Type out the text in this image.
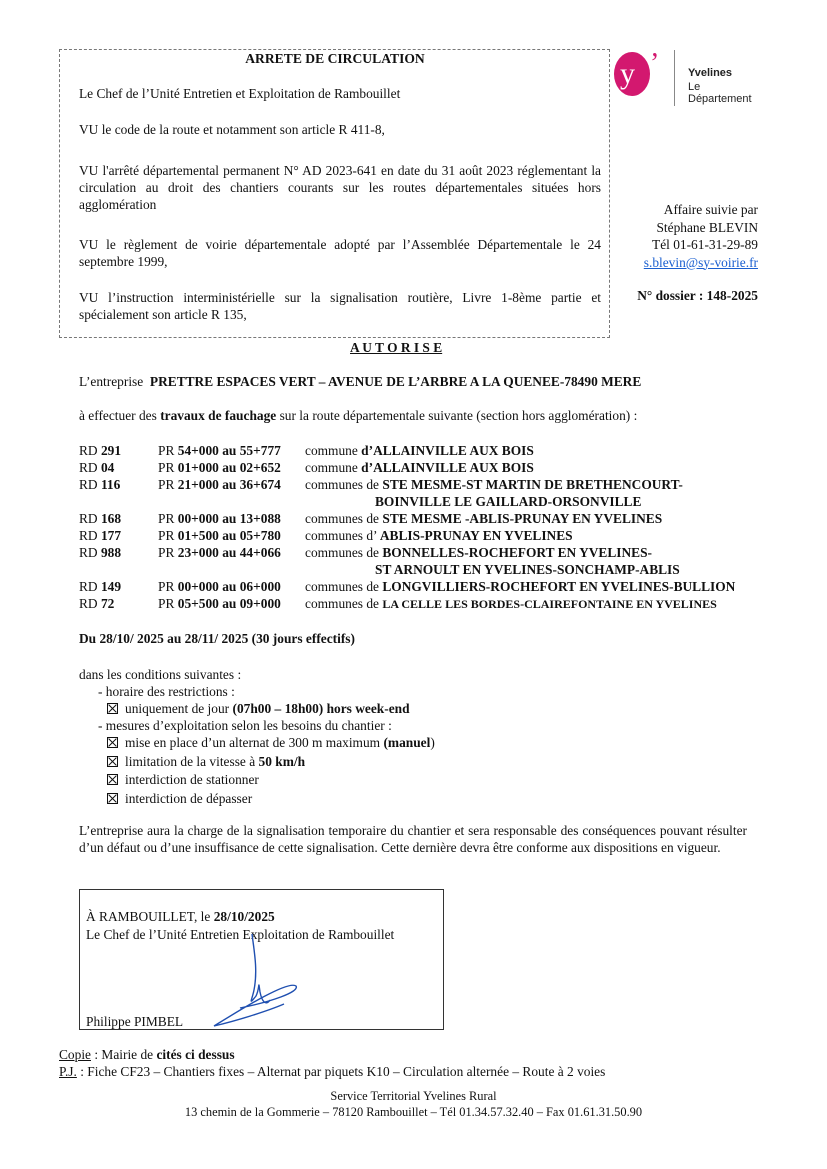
ARRETE DE CIRCULATION
Le Chef de l’Unité Entretien et Exploitation de Rambouillet
VU le code de la route et notamment son article R 411-8,
VU l'arrêté départemental permanent N° AD 2023-641 en date du 31 août 2023 réglementant la circulation au droit des chantiers courants sur les routes départementales situées hors agglomération
VU le règlement de voirie départementale adopté par l’Assemblée Départementale le 24 septembre 1999,
VU l’instruction interministérielle sur la signalisation routière, Livre 1-8ème partie et spécialement son article R 135,
y ’	Yvelines
Le Département
Affaire suivie par
Stéphane BLEVIN
Tél 01-61-31-29-89
s.blevin@sy-voirie.fr
N° dossier : 148-2025
A U T O R I S E
L’entreprise PRETTRE ESPACES VERT – AVENUE DE L’ARBRE A LA QUENEE-78490 MERE
à effectuer des travaux de fauchage sur la route départementale suivante (section hors agglomération) :
RD 291	PR 54+000 au 55+777 commune d’ALLAINVILLE AUX BOIS
RD 04	PR 01+000 au 02+652 commune d’ALLAINVILLE AUX BOIS
RD 116	PR 21+000 au 36+674 communes de STE MESME-ST MARTIN DE BRETHENCOURT-
BOINVILLE LE GAILLARD-ORSONVILLE
RD 168	PR 00+000 au 13+088 communes de STE MESME -ABLIS-PRUNAY EN YVELINES
RD 177	PR 01+500 au 05+780 communes d’ ABLIS-PRUNAY EN YVELINES
RD 988	PR 23+000 au 44+066 communes de BONNELLES-ROCHEFORT EN YVELINES-
ST ARNOULT EN YVELINES-SONCHAMP-ABLIS
RD 149	PR 00+000 au 06+000 communes de LONGVILLIERS-ROCHEFORT EN YVELINES-BULLION
RD 72	PR 05+500 au 09+000 communes de LA CELLE LES BORDES-CLAIREFONTAINE EN YVELINES
Du 28/10/ 2025 au 28/11/ 2025 (30 jours effectifs)
dans les conditions suivantes :
- horaire des restrictions :
uniquement de jour (07h00 – 18h00) hors week-end
- mesures d’exploitation selon les besoins du chantier :
mise en place d’un alternat de 300 m maximum (manuel)
limitation de la vitesse à 50 km/h
interdiction de stationner
interdiction de dépasser
L’entreprise aura la charge de la signalisation temporaire du chantier et sera responsable des conséquences pouvant résulter d’un défaut ou d’une insuffisance de cette signalisation. Cette dernière devra être conforme aux dispositions en vigueur.
À RAMBOUILLET, le 28/10/2025
Le Chef de l’Unité Entretien Exploitation de Rambouillet
Philippe PIMBEL
Copie : Mairie de cités ci dessus
P.J. : Fiche CF23 – Chantiers fixes – Alternat par piquets K10 – Circulation alternée – Route à 2 voies
Service Territorial Yvelines Rural
13 chemin de la Gommerie – 78120 Rambouillet – Tél 01.34.57.32.40 – Fax 01.61.31.50.90
